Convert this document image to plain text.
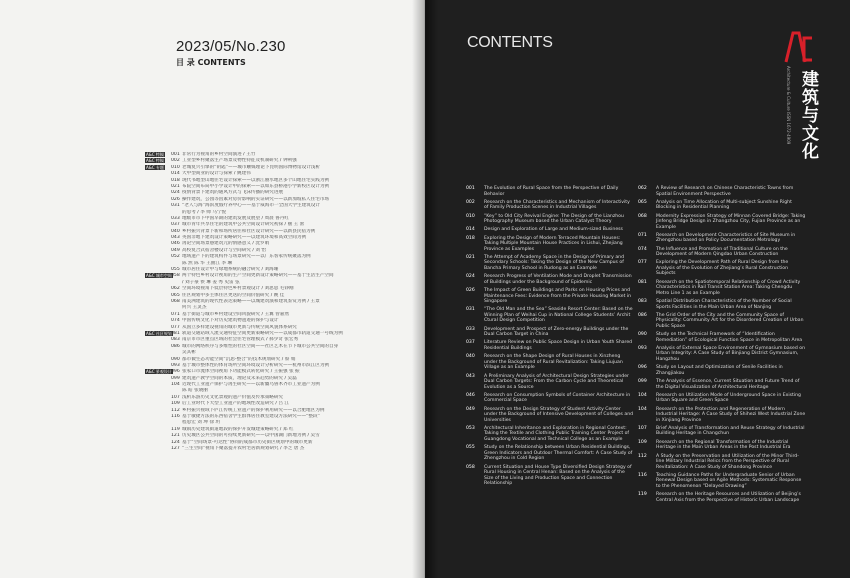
2023/05/No.230
目 录 CONTENTS
A&C 特稿	001 非常行为视角的乡村空间演进 / 王竹
A&C 特稿	002 工业型乡村聚落生产场景及物性特征及机制研究 / 钟利强
A&C 专题	010 老城复兴引擎的“钥匙”——城市触媒理论下昆明国际博物馆设计浅析
014 大中型商业的设计与探索 / 姚建伟
018 现代书地型山地住宅设计探索——以浙江丽水地区多个山地住宅实践为例
021 布院空间布局中小学设计中的探索——以如东县桥港小学新校区设计为例
024 疫情背景下建筑的通风方式与飞沫传播的研究进展
026 操作建筑，公园等因素对房价影响的实证研究——以新加坡私人住宅市场
031 “老人与海”海滨度假疗养中心——基于威海市一全国大学生建筑设计
的思考 / 李 帅 马宁悦
033 地级市市下中国早期的建筑发展及展望 / 周晨 鲁丹红
037 城市青年共享住宅的建筑中公共空间设计研究初探 / 丽 王 蕾
040 乡村振兴背景下新和场所居住和社区设计研究——以新县民宿为例
043 英国非地下建筑设计策略研究——以建筑环境和高效空间为例
046 再论空间场景感建筑元的情感意义 / 沈罗娟
049 高校复合式宿舍楼设计与空间研究 / 刘 怡
052 地域遗产下的建筑构件与场景研究——以广东客家传统聚落为例
陈 然 陈 华 王曲江 李 琳
055 城市居住设计中与绿地系统的融合研究 / 刘海珊
A&C 城市空间 058 两个特色乡村设计视角的生产空间更新设计策略研究——基于生活生产空间
/ 刘子豪 侯 琳 姜 秀 史雷 弦
062 空间环境视角下低层特色乡村景观设计 / 刘思思 毛铮刚
065 住区规划中多主体住区更迭的空间价值研究 / 姚 佳
068 南美洲建筑的现代性表达策略——以城建筑演和建筑鉴赏为例 / 王景
何兴 王灵杰
071 基于街道与城市乡村建设空间风貌研究 / 王翼 曾嘉然
074 中国传统文化下对历史建筑物遗迹的保护与设计
077 从国立多样建设视角的城市更新与传统空间风貌体系研究
A&C 社区规划 081 轨道交通站域人流交通特征空间更新策略研究——以成都市轨道交通一号线为例
083 南京市市区重点区域的社会住宅管理模式 / 郝少奇 张宏秀
086 城市的网络秩序与多维性的社区空间——社区艺术在节下城市公共空间的自身
吴其彬
090 都市微生态功能空间“沉思-整合”的技术规划研究 / 蔡 娟
093 基于城市整体性的体育场所空间环境设计分析研究——杭州市滨江区为例
A&C 景观设计 096 张家口市流体空间视角下功能模式转化研究 / 王振强 张 振
099 建筑遗产教学空间的本质，理论及未来趋势的研究 / 吴磊
104 近现代工业遗产保护与再生研究——以新疆乌鲁木齐市工业遗产为例
陈 皓 张晓丽
107 浅析乐游历史文化景观的遗产价值及传承策略研究
109 后工业时代下大型工业遗产的地域性改造研究 / 吕 江
112 乡村振兴视域下庐江传统工业遗产的保护利用研究——以合肥地区为例
116 基于敏捷方法的东西宿舍学生群体居住教室建设方法研究——“整段”
程思宏 刘 坤 徐 玥
119 城镇历史建筑街道地段的保护开发城建策略研究 / 郑 红
121 历史城区公共空间的可持续更新研究——以中国湖门新地为例 / 吴雪
124 基于“空间场景-可达性”协同的成都市历史街区规划中的城市更新
127 “三生空间”视角下聚落提升农村宅居新规划研究 / 李芝 唐 杰
CONTENTS
建筑与文化
Architecture & Culture ISSN 1672-4909
001	The Evolution of Rural Space from the Perspective of Daily Behavior
002	Research on the Characteristics and Mechanism of Interactivity of Family Production Scenes in Industrial Villages
010	“Key” to Old City Revival Engine: The Design of the Lianzhou Photography Museum based the Urban Catalyst Theory
014	Design and Exploration of Large and Medium-sized Business
018	Exploring the Design of Modern Terraced Mountain Houses: Taking Multiple Mountain House Practices in Lishui, Zhejiang Province as Examples
021	The Attempt of Academy Space in the Design of Primary and Secondary Schools: Taking the Design of the New Campus of Bancha Primary School in Rudong as an Example
024	Research Progress of Ventilation Mode and Droplet Transmission of Buildings under the Background of Epidemic
026	The Impact of Green Buildings and Parks on Housing Prices and Maintenance Fees: Evidence from the Private Housing Market in Singapore
031	“The Old Man and the Sea” Seaside Resort Center: Based on the Winning Plan of Weihai Cup in National College Students’ Archit Ctural Design Competition
033	Development and Prospect of Zero-energy Buildings under the Dual Carbon Target in China
037	Literature Review on Public Space Design in Urban Youth Shared Residential Buildings
040	Research on the Shape Design of Rural Houses in Xinzheng under the Background of Rural Revitalization: Taking Liujuan Village as an Example
043	A Preliminary Analysis of Architectural Design Strategies under Dual Carbon Targets: From the Carbon Cycle and Theoretical Evolution as a Source
046	Research on Consumption Symbols of Container Architecture in Commercial Space
049	Research on the Design Strategy of Student Activity Center under the Background of Intensive Development of Colleges and Universities
053	Architectural Inheritance and Exploration in Regional Context: Taking the Textile and Clothing Public Training Center Project of Guangdong Vocational and Technical College as an Example
055	Study on the Relationship between Urban Residential Buildings, Green Indicators and Outdoor Thermal Comfort: A Case Study of Zhengzhou in Cold Region
058	Current Situation and House Type Diversified Design Strategy of Rural Housing in Central Henan: Based on the Analysis of the Size of the Living and Production Space and Connection Relationship
062	A Review of Research on Chinese Characteristic Towns from Spatial Environment Perspective
065	Analysis on Time Allocation of Multi-subject Sunshine Right Blocking in Residential Planning
068	Modernity Expression Strategy of Minnan Covered Bridge: Taking Jinfeng Bridge Design in Zhangzhou City, Fujian Province as an Example
071	Research on Development Characteristics of Site Museum in Zhengzhou based on Policy Documentation Metrology
074	The Influence and Promotion of Traditional Culture on the Development of Modern Qingdao Urban Construction
077	Exploring the Development Path of Rural Design from the Analysis of the Evolution of Zhejiang’s Rural Construction Subjects
081	Research on the Spatiotemporal Relationship of Crowd Activity Characteristics in Rail Transit Station Area: Taking Chengdu Metro Line 1 as an Example
083	Spatial Distribution Characteristics of the Number of Social Sports Facilities in the Main Urban Area of Nanjing
086	The Grid Order of the City and the Community Space of Physicality: Community Art for the Disordered Creation of Urban Public Space
090	Study on the Technical Framework of “Identification Remediation” of Ecological Function Space in Metropolitan Area
093	Analysis of External Space Environment of Gymnasium based on Urban Integrity: A Case Study of Binjiang District Gymnasium, Hangzhou
096	Study on Layout and Optimization of Senile Facilities in Zhangjiakou
099	The Analysis of Essence, Current Situation and Future Trend of the Digital Visualization of Architectural Heritage
104	Research on Utilization Mode of Underground Space in Existing Urban Square and Green Space
104	Research on the Protection and Regeneration of Modern Industrial Heritage: A Case Study of Shihezi West Industrial Zone in Xinjiang Province
107	Brief Analysis of Transformation and Reuse Strategy of Industrial Building Heritage in Changchun
109	Research on the Regional Transformation of the Industrial Heritage in the Main Urban Areas in the Post Industrial Era
112	A Study on the Preservation and Utilization of the Minor Third-line Military Industrial Relics from the Perspective of Rural Revitalization: A Case Study of Shandong Province
116	Teaching Guidance Paths for Undergraduate Senior of Urban Renewal Design based on Agile Methods: Systematic Response to the Phenomenon “Delayed Drawing”
119	Research on the Heritage Resources and Utilization of Beijing’s Central Axis from the Perspective of Historic Urban Landscape
